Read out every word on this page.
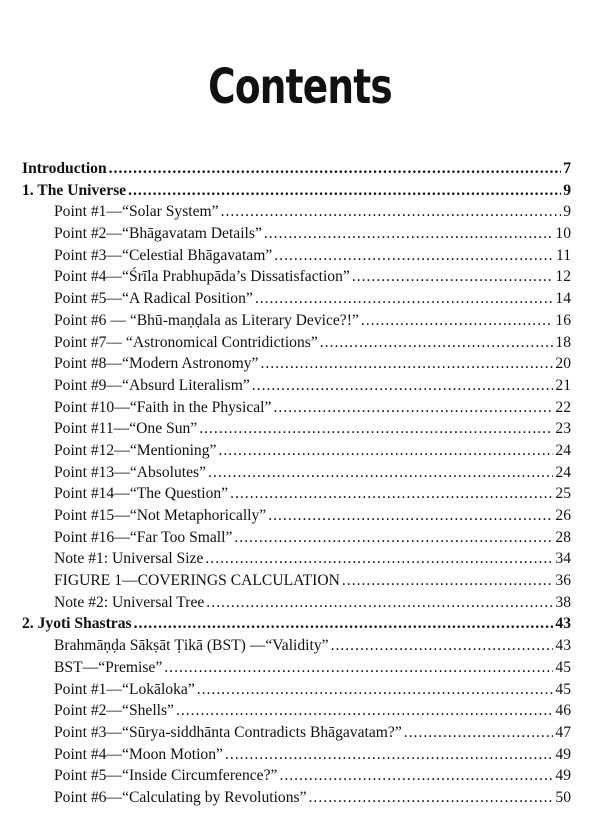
Contents
Introduction .....	7
1. The Universe .....	9
Point #1—“Solar System” .....	9
Point #2—“Bhāgavatam Details” .....	10
Point #3—“Celestial Bhāgavatam” .....	11
Point #4—“Śrīla Prabhupāda’s Dissatisfaction” .....	12
Point #5—“A Radical Position” .....	14
Point #6 — “Bhū-maṇḍala as Literary Device?!” .....	16
Point #7— “Astronomical Contridictions” .....	18
Point #8—“Modern Astronomy” .....	20
Point #9—“Absurd Literalism” .....	21
Point #10—“Faith in the Physical” .....	22
Point #11—“One Sun” .....	23
Point #12—“Mentioning” .....	24
Point #13—“Absolutes” .....	24
Point #14—“The Question” .....	25
Point #15—“Not Metaphorically” .....	26
Point #16—“Far Too Small” .....	28
Note #1: Universal Size .....	34
FIGURE 1—COVERINGS CALCULATION .....	36
Note #2: Universal Tree .....	38
2. Jyoti Shastras .....	43
Brahmāṇḍa Sākṣāt Ṭikā (BST) —“Validity” .....	43
BST—“Premise” .....	45
Point #1—“Lokāloka” .....	45
Point #2—“Shells” .....	46
Point #3—“Sūrya-siddhānta Contradicts Bhāgavatam?” .....	47
Point #4—“Moon Motion” .....	49
Point #5—“Inside Circumference?” .....	49
Point #6—“Calculating by Revolutions” .....	50
